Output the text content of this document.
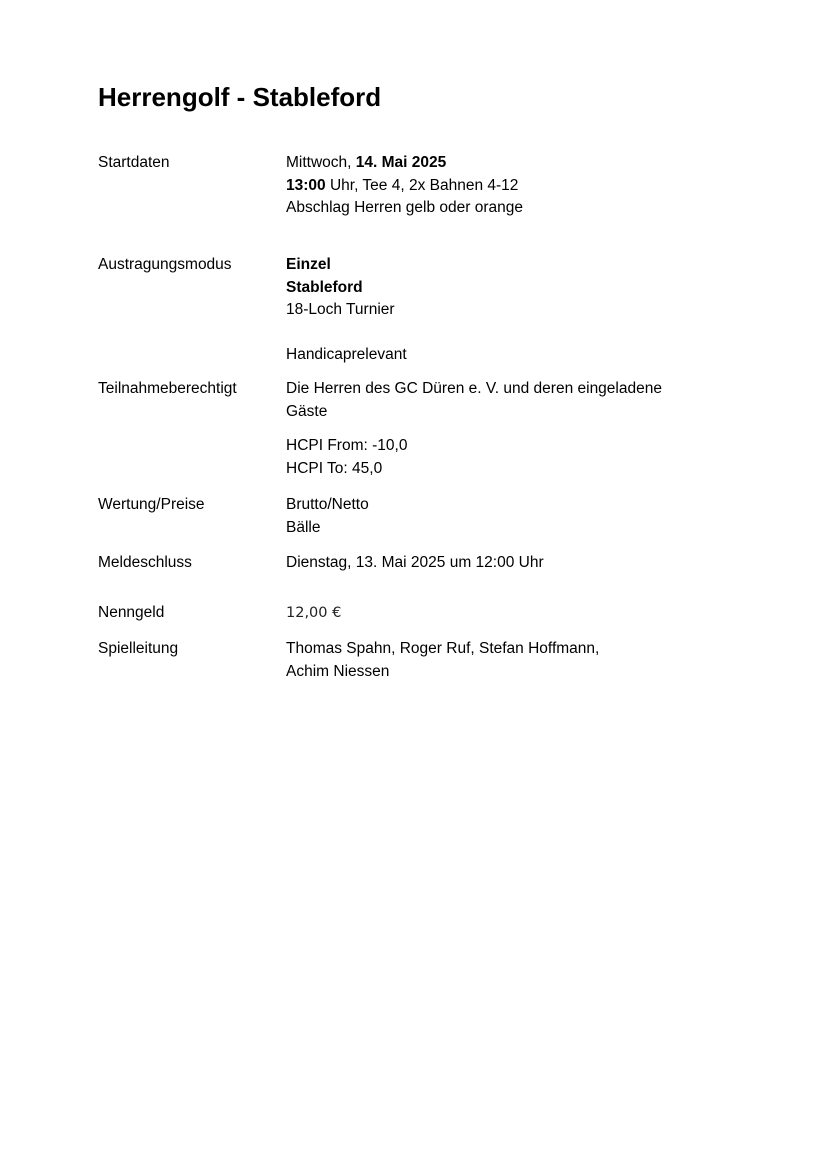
Herrengolf - Stableford
Startdaten	Mittwoch, 14. Mai 2025
13:00 Uhr, Tee 4, 2x Bahnen 4-12
Abschlag Herren gelb oder orange
Austragungsmodus	Einzel
Stableford
18-Loch Turnier
Handicaprelevant
Teilnahmeberechtigt	Die Herren des GC Düren e. V. und deren eingeladene
Gäste
HCPI From: -10,0
HCPI To: 45,0
Wertung/Preise	Brutto/Netto
Bälle
Meldeschluss	Dienstag, 13. Mai 2025 um 12:00 Uhr
Nenngeld	12,00 €
Spielleitung	Thomas Spahn, Roger Ruf, Stefan Hoffmann,
Achim Niessen
